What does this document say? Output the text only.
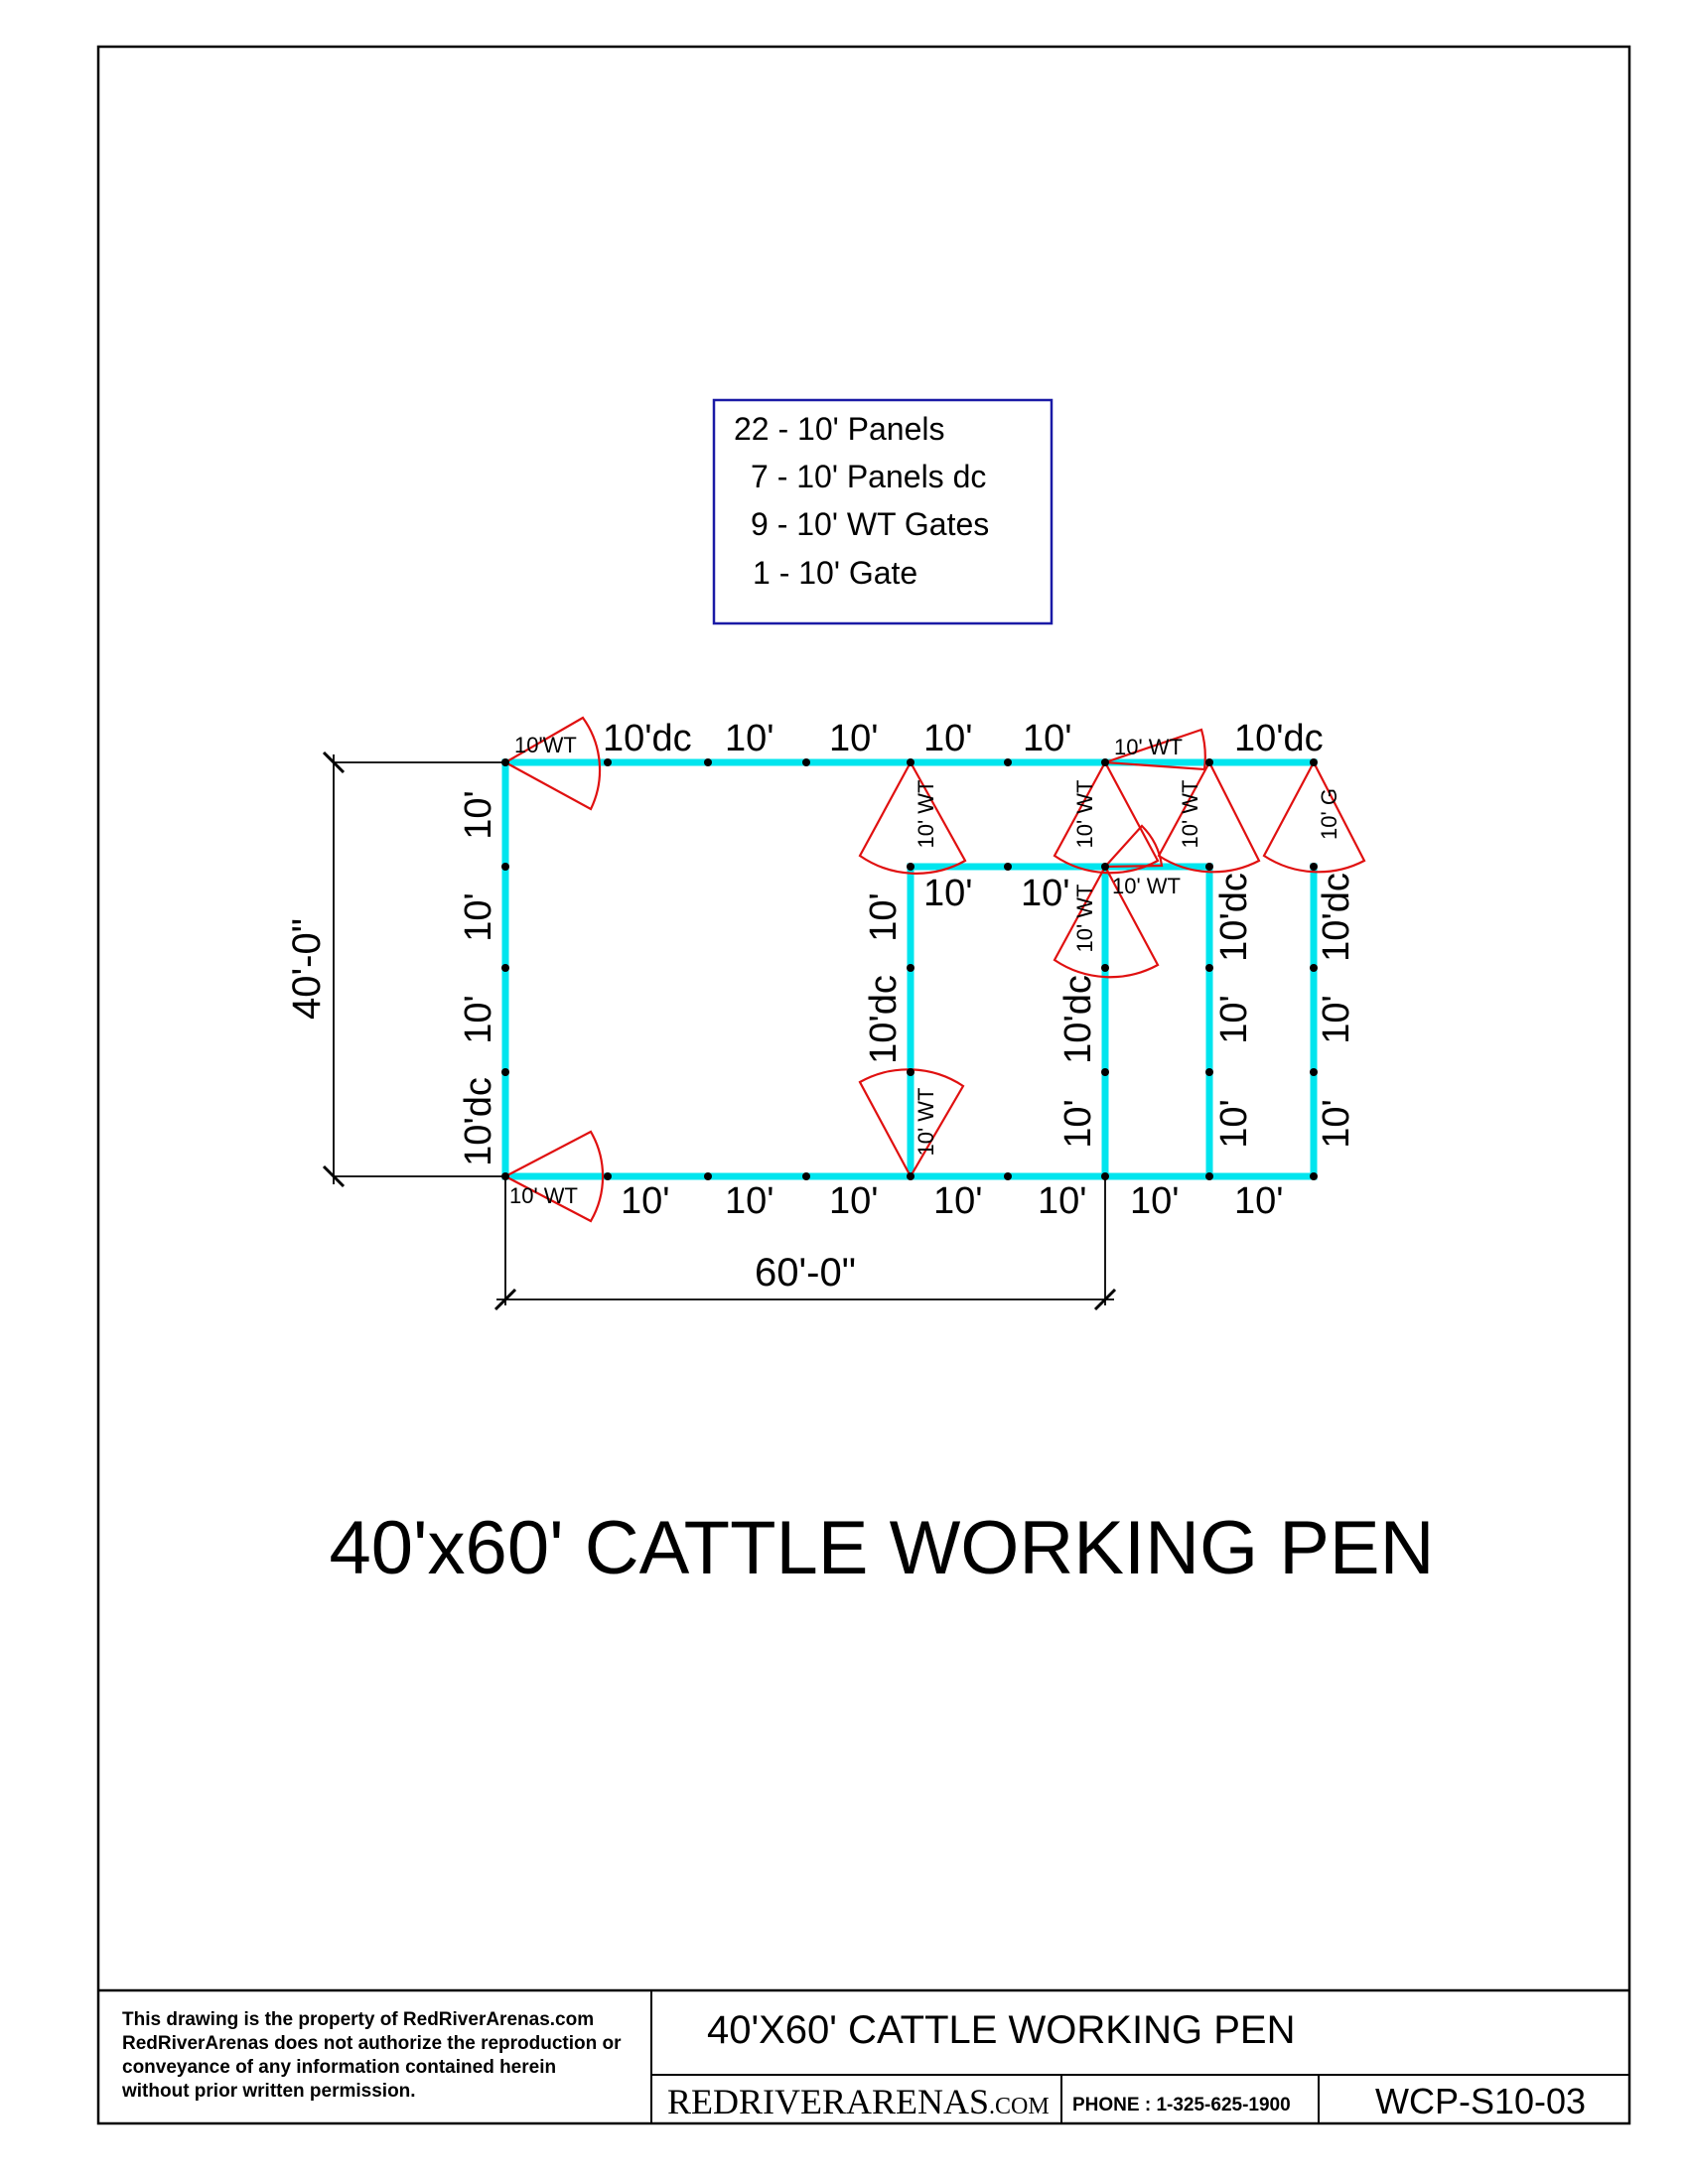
22 - 10' Panels
7 - 10' Panels dc
9 - 10' WT Gates
1 - 10' Gate
10'WT 10'dc 10' 10' 10' 10' 10' WT 10'dc
10' WT 10' 10' 10' 10' 10' 10' 10'
10'
10'
10'
10'dc
10' 10' 10' WT
10' WT
10' WT
10'
10'dc
10' WT
10' WT
10'dc
10'
10' WT
10'dc
10'
10'
10' G
10'dc
10'
10'
40'-0"
60'-0"
40'x60' CATTLE WORKING PEN
This drawing is the property of RedRiverArenas.com
RedRiverArenas does not authorize the reproduction or
conveyance of any information contained herein
without prior written permission.
40'X60' CATTLE WORKING PEN
REDRIVERARENAS.COM PHONE : 1-325-625-1900 WCP-S10-03
